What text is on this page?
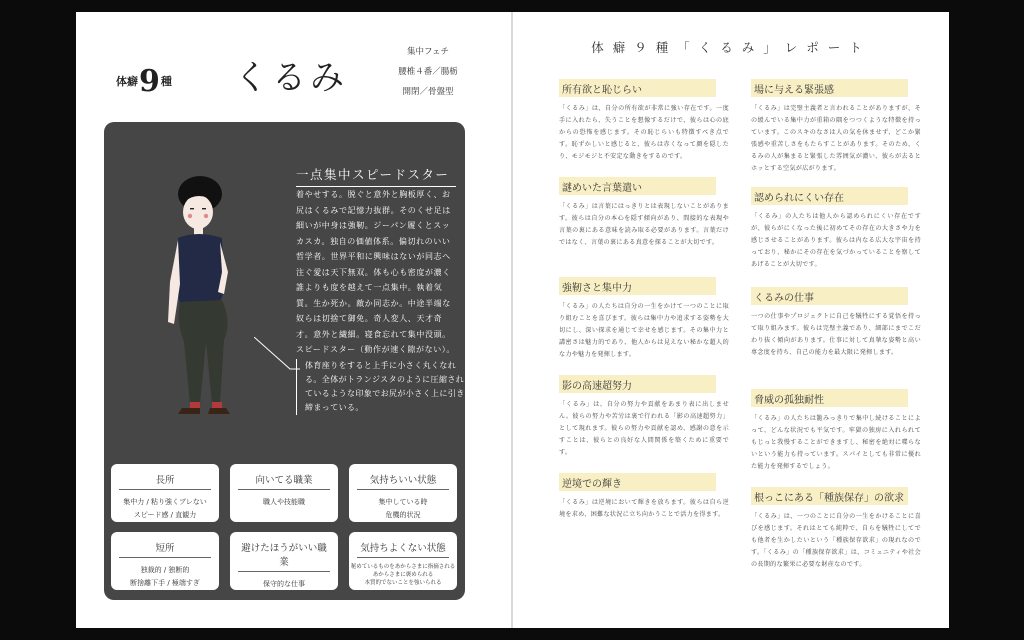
体癖9種 くるみ
集中フェチ
腰椎４番／腸栃
開閉／骨盤型
一点集中スピードスター
着やせする。脱ぐと意外と胸板厚く、お尻はくるみで記憶力抜群。そのくせ足は細いが中身は強靭。ジーパン履くとスッカスカ。独自の価値体系。偏切れのいい哲学者。世界平和に興味はないが同志へ注ぐ愛は天下無双。体も心も密度が濃く誰よりも度を越えて一点集中。執着気質。生か死か。敵か同志か。中途半端な奴らは切捨て御免。奇人変人、天才奇才。意外と繊細。寝食忘れて集中没頭。スピードスター（動作が速く隙がない）。
体育座りをすると上手に小さく丸くなれる。全体がトランジスタのように圧縮されているような印象でお尻が小さく上に引き締まっている。
長所
集中力 / 粘り強くブレない
スピード感 / 直観力
向いてる職業
職人や技能職
気持ちいい状態
集中している時
危機的状況
短所
独裁的 / 独断的
断捨離下手 / 極端すぎ
避けたほうがいい職業
保守的な仕事
気持ちよくない状態
秘めているものをあからさまに指摘される
あからさまに褒められる
本質的でないことを強いられる
体癖９種「くるみ」レポート
所有欲と恥じらい
「くるみ」は、自分の所有欲が非常に強い存在です。一度手に入れたら、失うことを想像するだけで、彼らは心の底からの恐怖を感じます。その恥じらいも特徴すべき点です。恥ずかしいと感じると、彼らは赤くなって顔を隠したり、モジモジと不安定な動きをするのです。
謎めいた言葉遣い
「くるみ」は言葉にはっきりとは表現しないことがあります。彼らは自分の本心を隠す傾向があり、間接的な表現や言葉の裏にある意味を読み取る必要があります。言葉だけではなく、言葉の裏にある真意を探ることが大切です。
強靭さと集中力
「くるみ」の人たちは自分の一生をかけて一つのことに取り組むことを喜びます。彼らは集中力や追求する姿勢を大切にし、深い探求を通じて幸せを感じます。その集中力と講密さは魅力的であり、他人からは見えない秘かな超人的な力や魅力を発揮します。
影の高速超努力
「くるみ」は、自分の努力や貢献をあまり表に出しません。彼らの努力や苦労は裏で行われる「影の高速超努力」として現れます。彼らの努力や貢献を認め、感謝の意を示すことは、彼らとの良好な人間関係を築くために重要です。
逆境での輝き
「くるみ」は逆境において輝きを放ちます。彼らは自ら逆境を求め、困難な状況に立ち向かうことで活力を得ます。
場に与える緊張感
「くるみ」は完璧主義者と言われることがありますが、その緩んでいる集中力が重箱の隅をつつくような特徴を持っています。このスキのなさは人の気を休ませず、どこか緊張感や重苦しさをもたらすことがあります。そのため、くるみの人が集まると緊張した雰囲気が濃い、彼らが去るとホッとする空気が広がります。
認められにくい存在
「くるみ」の人たちは他人から認められにくい存在ですが、彼らがにくなった後に初めてその存在の大きさや力を感じさせることがあります。彼らは内なる広大な宇宙を持っており、秘かにその存在を気づかっていることを察してあげることが大切です。
くるみの仕事
一つの仕事やプロジェクトに自己を犠牲にする覚悟を持って取り組みます。彼らは完璧主義であり、細部にまでこだわり抜く傾向があります。仕事に対して真摯な姿勢と高い専念度を持ち、自己の能力を最大限に発揮します。
脅威の孤独耐性
「くるみ」の人たちは籠みっきりで集中し続けることによって、どんな状況でも平気です。牢獄の独房に入れられてもじっと我慢することができますし、秘密を絶対に喋らないという能力も持っています。スパイとしても非常に優れた能力を発揮するでしょう。
根っこにある「種族保存」の欲求
「くるみ」は、一つのことに自分の一生をかけることに喜びを感じます。それはとても純粋で、自らを犠牲にしてでも他者を生かしたいという「種族保存欲求」の現れなのです。「くるみ」の「種族保存欲求」は、コミュニティや社会の長期的な繁栄に必要な財産なのです。
